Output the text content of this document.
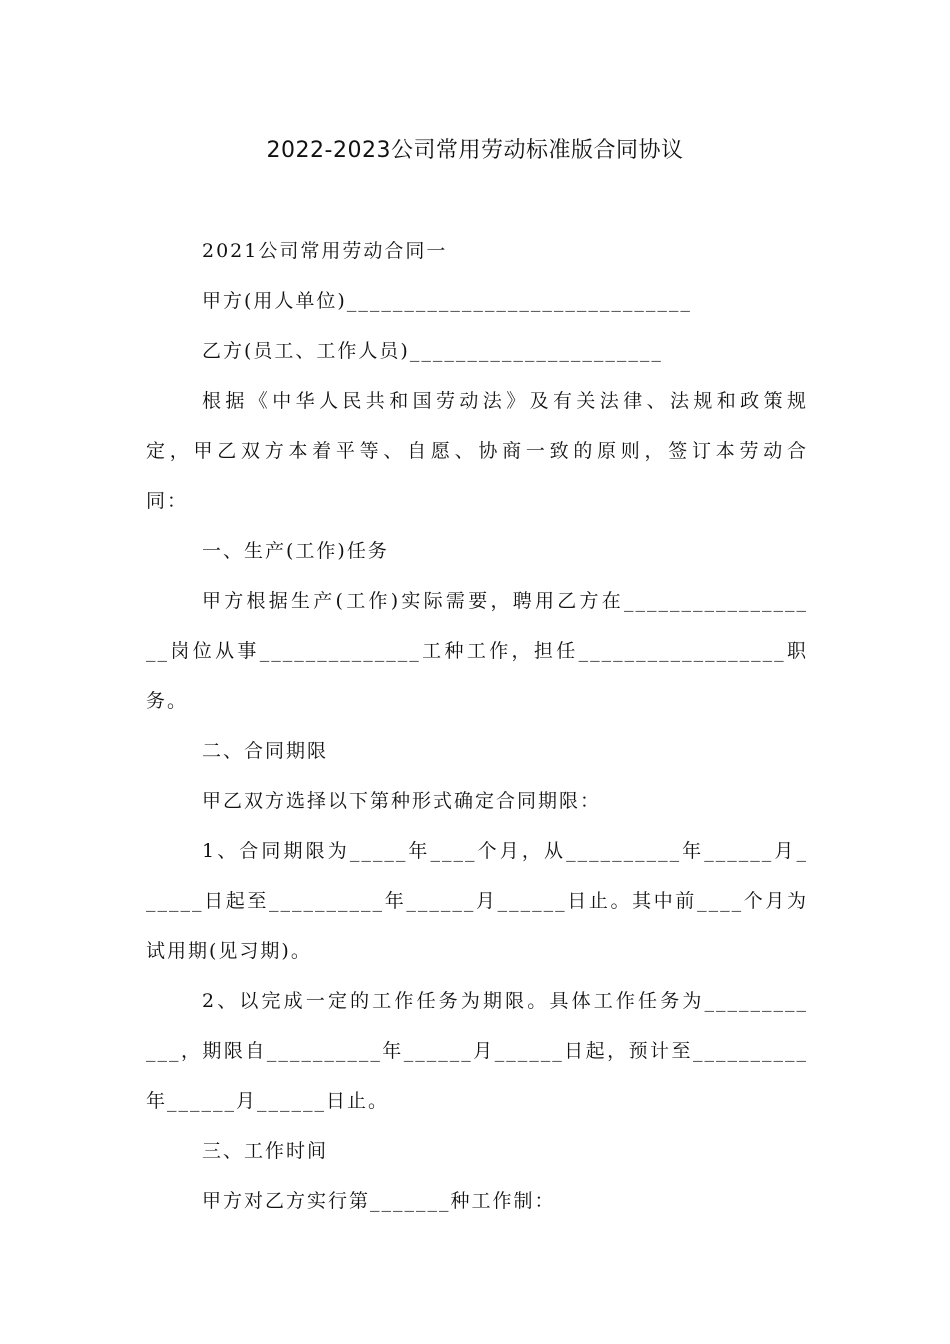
2022-2023公司常用劳动标准版合同协议
2021公司常用劳动合同一
甲方(用人单位)______________________________
乙方(员工、工作人员)______________________
根据《中华人民共和国劳动法》及有关法律、法规和政策规
定，甲乙双方本着平等、自愿、协商一致的原则，签订本劳动合
同：
一、生产(工作)任务
甲方根据生产(工作)实际需要，聘用乙方在________________
__岗位从事______________工种工作，担任__________________职
务。
二、合同期限
甲乙双方选择以下第种形式确定合同期限：
1、合同期限为_____年____个月，从__________年______月_
_____日起至__________年______月______日止。其中前____个月为
试用期(见习期)。
2、以完成一定的工作任务为期限。具体工作任务为_________
___，期限自__________年______月______日起，预计至__________
年______月______日止。
三、工作时间
甲方对乙方实行第_______种工作制：
